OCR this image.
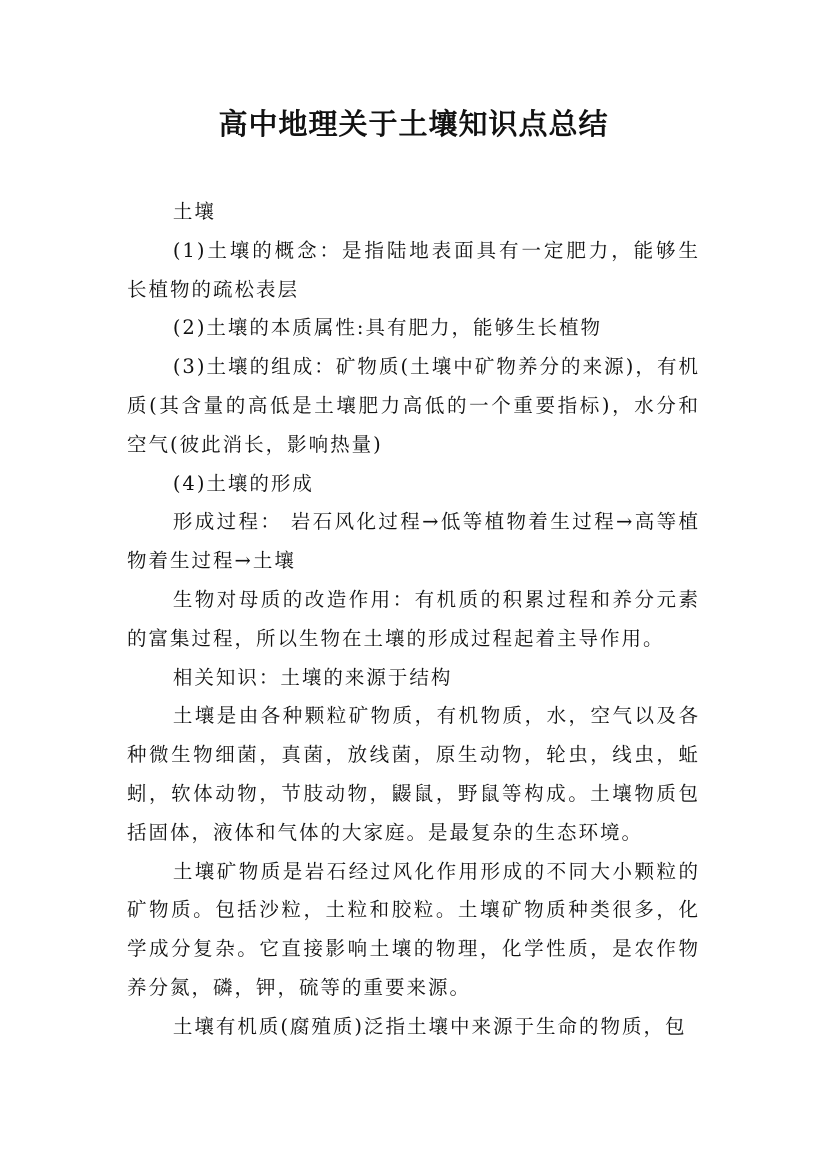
高中地理关于土壤知识点总结

土壤

(1)土壤的概念：是指陆地表面具有一定肥力，能够生长植物的疏松表层

(2)土壤的本质属性:具有肥力，能够生长植物

(3)土壤的组成：矿物质(土壤中矿物养分的来源)，有机质(其含量的高低是土壤肥力高低的一个重要指标)，水分和空气(彼此消长，影响热量)

(4)土壤的形成

形成过程： 岩石风化过程→低等植物着生过程→高等植物着生过程→土壤

生物对母质的改造作用：有机质的积累过程和养分元素的富集过程，所以生物在土壤的形成过程起着主导作用。

相关知识：土壤的来源于结构

土壤是由各种颗粒矿物质，有机物质，水，空气以及各种微生物细菌，真菌，放线菌，原生动物，轮虫，线虫，蚯蚓，软体动物，节肢动物，鼹鼠，野鼠等构成。土壤物质包括固体，液体和气体的大家庭。是最复杂的生态环境。

土壤矿物质是岩石经过风化作用形成的不同大小颗粒的矿物质。包括沙粒，土粒和胶粒。土壤矿物质种类很多，化学成分复杂。它直接影响土壤的物理，化学性质，是农作物养分氮，磷，钾，硫等的重要来源。

土壤有机质(腐殖质)泛指土壤中来源于生命的物质，包
